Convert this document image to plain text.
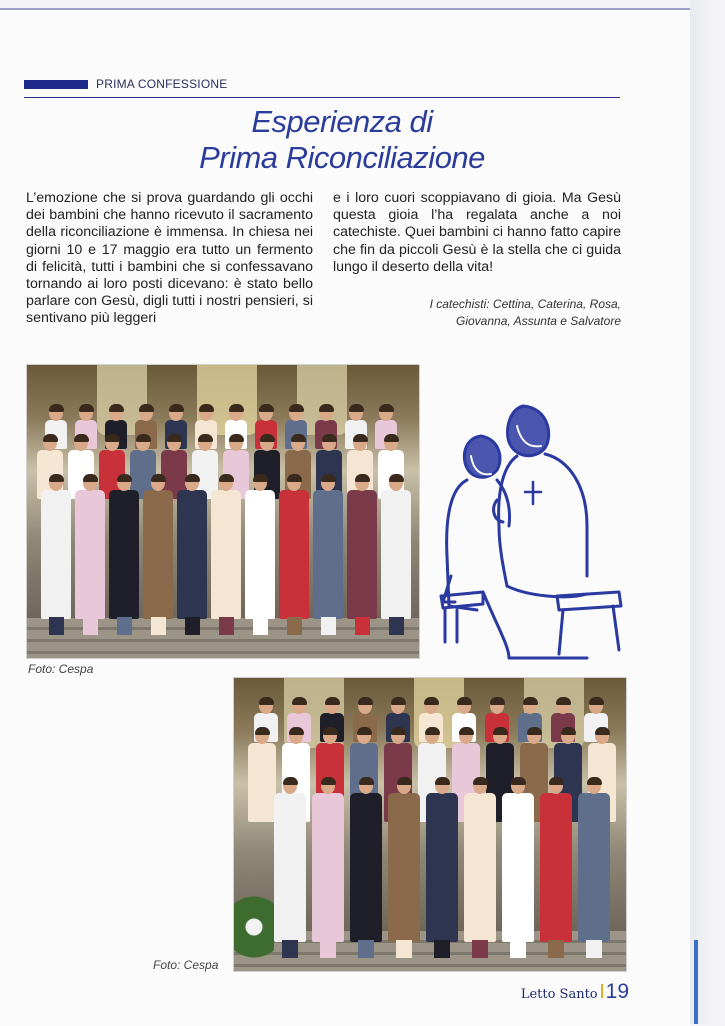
PRIMA CONFESSIONE
Esperienza di
Prima Riconciliazione
L’emozione che si prova guardando gli occhi dei bambini che hanno ricevuto il sacramento della riconciliazione è immensa. In chiesa nei giorni 10 e 17 maggio era tutto un fermento di felicità, tutti i bambini che si confessavano tornando ai loro posti dicevano: è stato bello parlare con Gesù, digli tutti i nostri pensieri, si sentivano più leggeri
e i loro cuori scoppiavano di gioia. Ma Gesù questa gioia l’ha regalata anche a noi catechiste. Quei bambini ci hanno fatto capire che fin da piccoli Gesù è la stella che ci guida lungo il deserto della vita!
I catechisti: Cettina, Caterina, Rosa,
Giovanna, Assunta e Salvatore
Foto: Cespa
Foto: Cespa
Letto Santo 19
